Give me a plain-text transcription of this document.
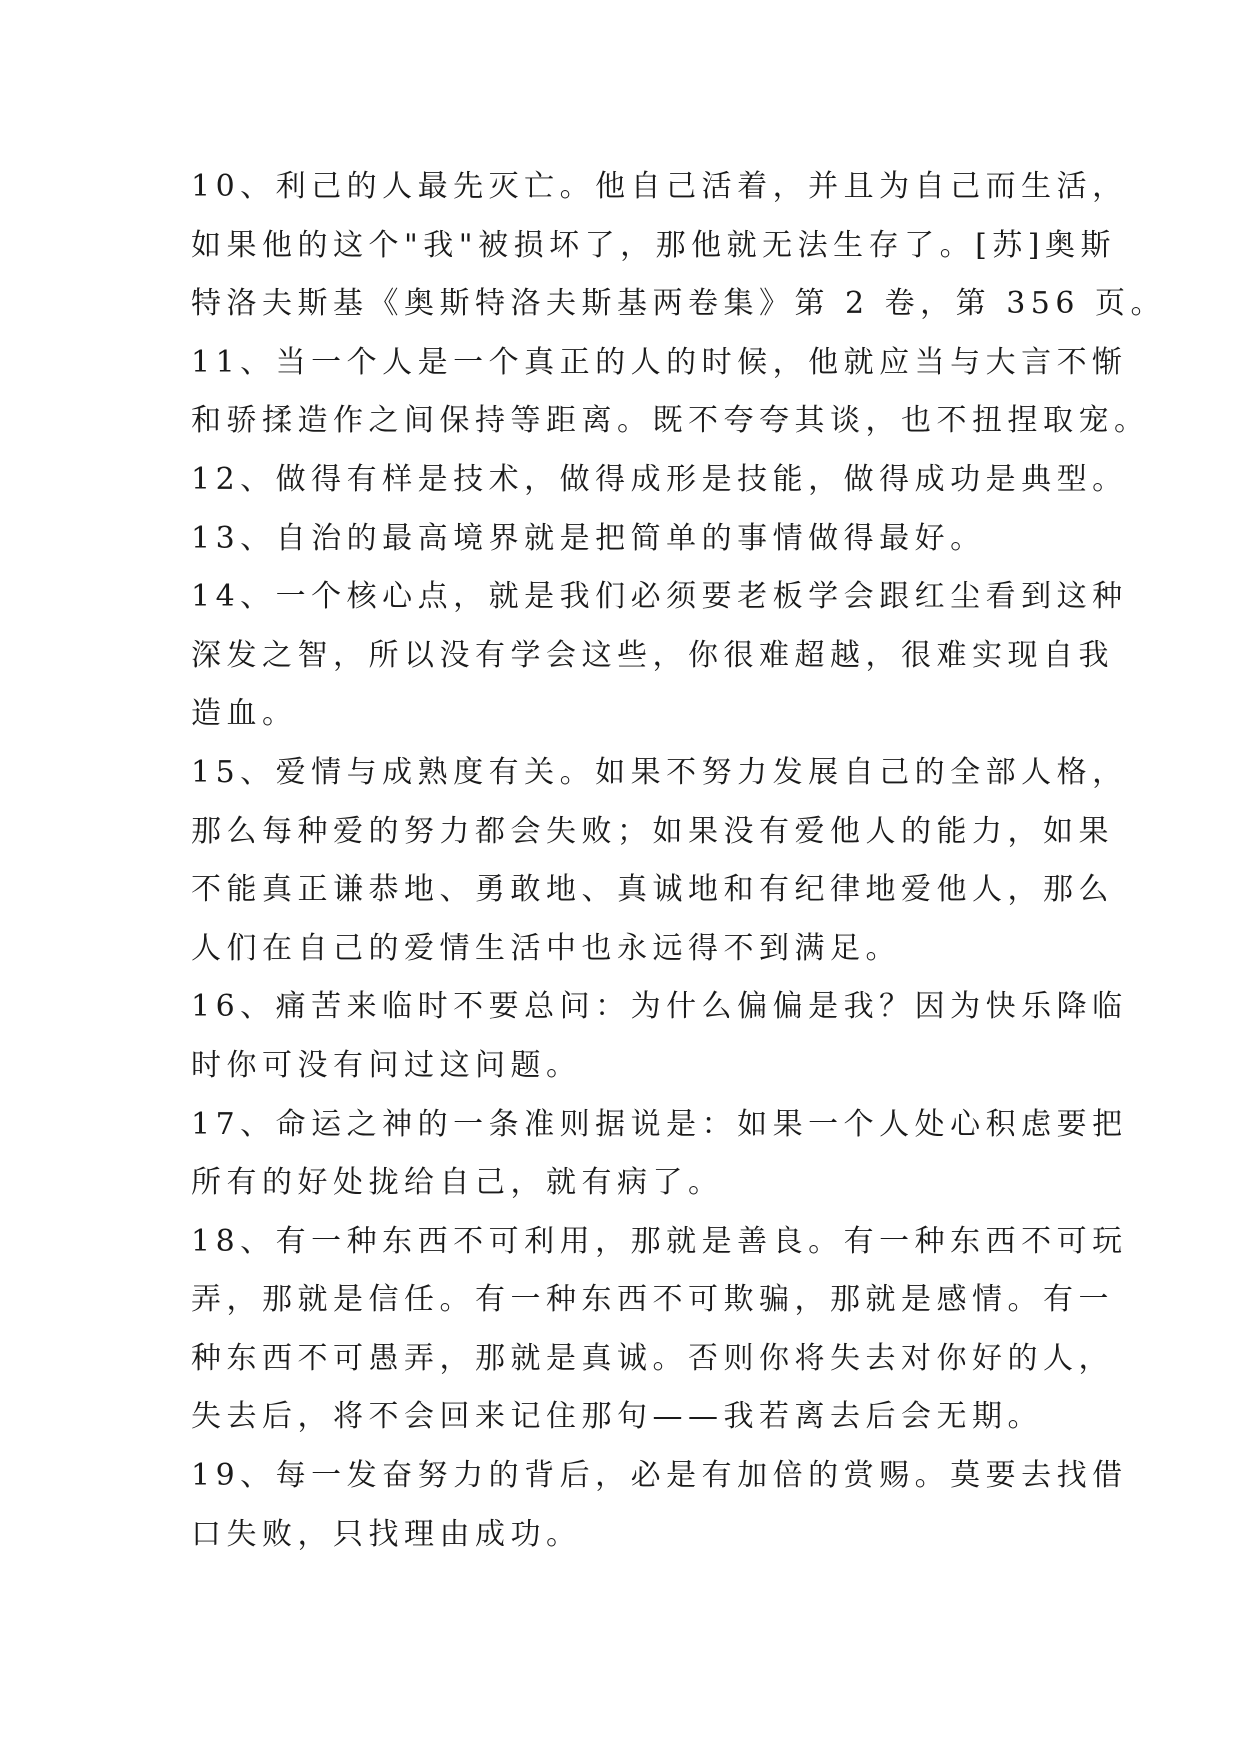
10、利己的人最先灭亡。他自己活着，并且为自己而生活，
如果他的这个"我"被损坏了，那他就无法生存了。[苏]奥斯
特洛夫斯基《奥斯特洛夫斯基两卷集》第 2 卷，第 356 页。
11、当一个人是一个真正的人的时候，他就应当与大言不惭
和骄揉造作之间保持等距离。既不夸夸其谈，也不扭捏取宠。
12、做得有样是技术，做得成形是技能，做得成功是典型。
13、自治的最高境界就是把简单的事情做得最好。
14、一个核心点，就是我们必须要老板学会跟红尘看到这种
深发之智，所以没有学会这些，你很难超越，很难实现自我
造血。
15、爱情与成熟度有关。如果不努力发展自己的全部人格，
那么每种爱的努力都会失败；如果没有爱他人的能力，如果
不能真正谦恭地、勇敢地、真诚地和有纪律地爱他人，那么
人们在自己的爱情生活中也永远得不到满足。
16、痛苦来临时不要总问：为什么偏偏是我？因为快乐降临
时你可没有问过这问题。
17、命运之神的一条准则据说是：如果一个人处心积虑要把
所有的好处拢给自己，就有病了。
18、有一种东西不可利用，那就是善良。有一种东西不可玩
弄，那就是信任。有一种东西不可欺骗，那就是感情。有一
种东西不可愚弄，那就是真诚。否则你将失去对你好的人，
失去后，将不会回来记住那句——我若离去后会无期。
19、每一发奋努力的背后，必是有加倍的赏赐。莫要去找借
口失败，只找理由成功。
